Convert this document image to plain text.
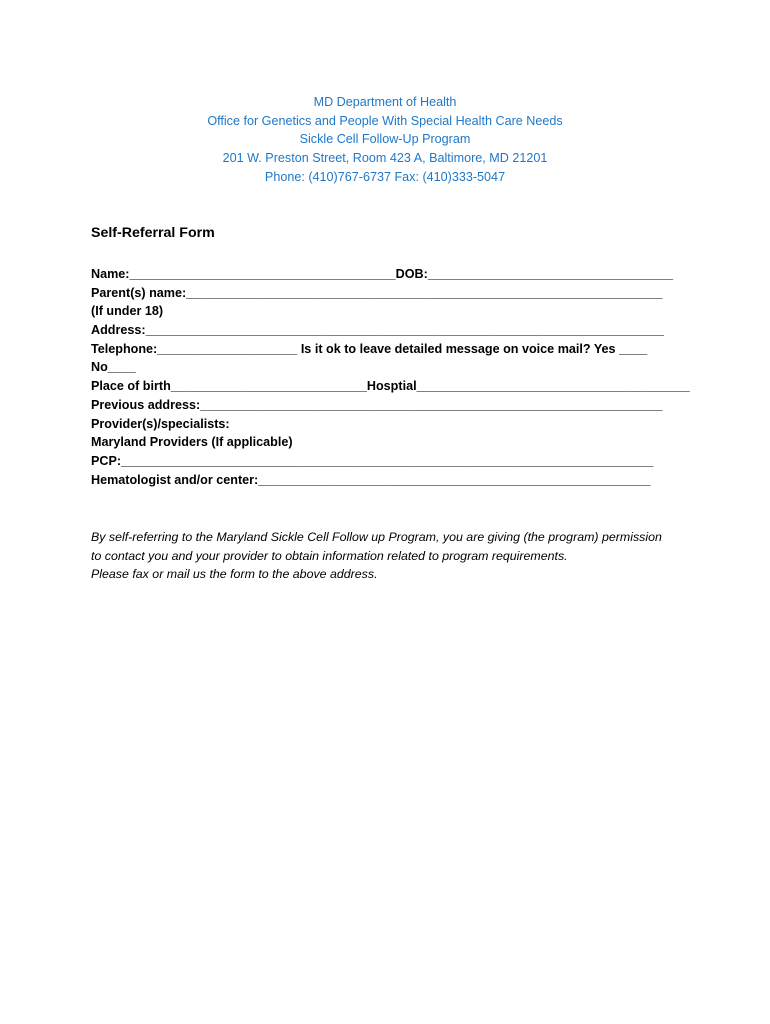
MD Department of Health
Office for Genetics and People With Special Health Care Needs
Sickle Cell Follow-Up Program
201 W. Preston Street, Room 423 A, Baltimore, MD 21201
Phone: (410)767-6737 Fax: (410)333-5047
Self-Referral Form
Name:______________________________________DOB:___________________________________
Parent(s) name:____________________________________________________________________
(If under 18)
Address:__________________________________________________________________________
Telephone:____________________ Is it ok to leave detailed message on voice mail? Yes ____
No____
Place of birth____________________________Hosptial_______________________________________
Previous address:__________________________________________________________________
Provider(s)/specialists:
Maryland Providers (If applicable)
PCP:____________________________________________________________________________
Hematologist and/or center:________________________________________________________
By self-referring to the Maryland Sickle Cell Follow up Program, you are giving (the program) permission
to contact you and your provider to obtain information related to program requirements.
Please fax or mail us the form to the above address.
